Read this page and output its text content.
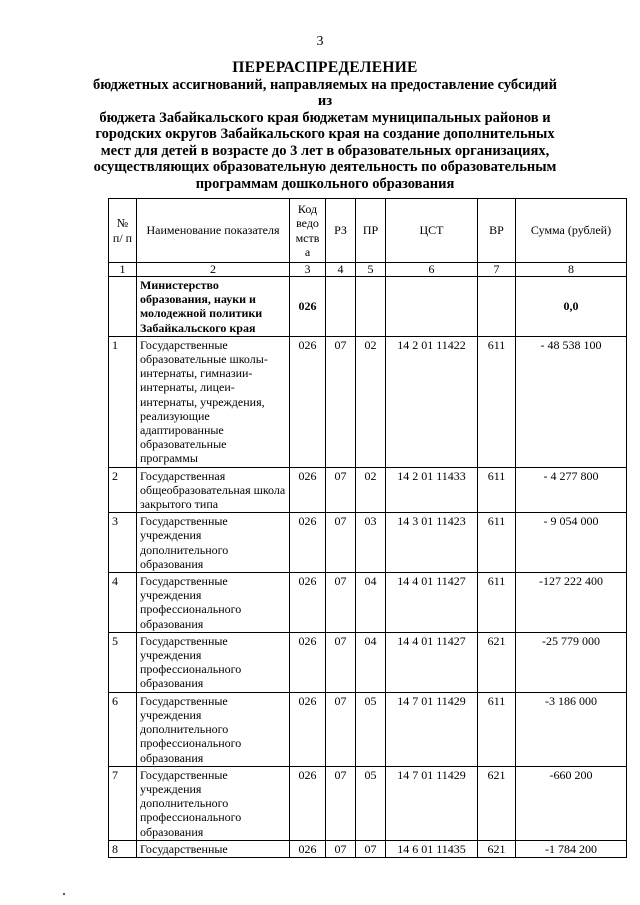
3
ПЕРЕРАСПРЕДЕЛЕНИЕ
бюджетных ассигнований, направляемых на предоставление субсидий из
бюджета Забайкальского края бюджетам муниципальных районов и
городских округов Забайкальского края на создание дополнительных
мест для детей в возрасте до 3 лет в образовательных организациях,
осуществляющих образовательную деятельность по образовательным
программам дошкольного образования
№ п/ п	Наименование показателя	Код ведо мств а	РЗ	ПР	ЦСТ	ВР	Сумма (рублей)
1	2	3	4	5	6	7	8
	Министерство образования, науки и молодежной политики Забайкальского края	026					0,0
1	Государственные образовательные школы-интернаты, гимназии-интернаты, лицеи-интернаты, учреждения, реализующие адаптированные образовательные программы	026	07	02	14 2 01 11422	611	- 48 538 100
2	Государственная общеобразовательная школа закрытого типа	026	07	02	14 2 01 11433	611	- 4 277 800
3	Государственные учреждения дополнительного образования	026	07	03	14 3 01 11423	611	- 9 054 000
4	Государственные учреждения профессионального образования	026	07	04	14 4 01 11427	611	-127 222 400
5	Государственные учреждения профессионального образования	026	07	04	14 4 01 11427	621	-25 779 000
6	Государственные учреждения дополнительного профессионального образования	026	07	05	14 7 01 11429	611	-3 186 000
7	Государственные учреждения дополнительного профессионального образования	026	07	05	14 7 01 11429	621	-660 200
8	Государственные	026	07	07	14 6 01 11435	621	-1 784 200
